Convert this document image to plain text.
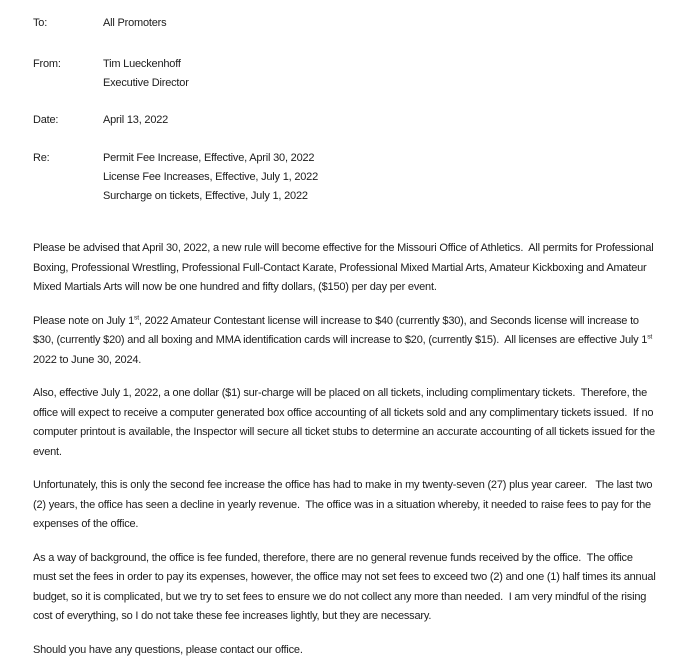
To:	All Promoters
From:	Tim Lueckenhoff
Executive Director
Date:	April 13, 2022
Re:	Permit Fee Increase, Effective, April 30, 2022
License Fee Increases, Effective, July 1, 2022
Surcharge on tickets, Effective, July 1, 2022

Please be advised that April 30, 2022, a new rule will become effective for the Missouri Office of Athletics.  All permits for Professional Boxing, Professional Wrestling, Professional Full-Contact Karate, Professional Mixed Martial Arts, Amateur Kickboxing and Amateur Mixed Martials Arts will now be one hundred and fifty dollars, ($150) per day per event.

Please note on July 1st, 2022 Amateur Contestant license will increase to $40 (currently $30), and Seconds license will increase to $30, (currently $20) and all boxing and MMA identification cards will increase to $20, (currently $15).  All licenses are effective July 1st 2022 to June 30, 2024.

Also, effective July 1, 2022, a one dollar ($1) sur-charge will be placed on all tickets, including complimentary tickets.  Therefore, the office will expect to receive a computer generated box office accounting of all tickets sold and any complimentary tickets issued.  If no computer printout is available, the Inspector will secure all ticket stubs to determine an accurate accounting of all tickets issued for the event.

Unfortunately, this is only the second fee increase the office has had to make in my twenty-seven (27) plus year career.   The last two (2) years, the office has seen a decline in yearly revenue.  The office was in a situation whereby, it needed to raise fees to pay for the expenses of the office.

As a way of background, the office is fee funded, therefore, there are no general revenue funds received by the office.  The office must set the fees in order to pay its expenses, however, the office may not set fees to exceed two (2) and one (1) half times its annual budget, so it is complicated, but we try to set fees to ensure we do not collect any more than needed.  I am very mindful of the rising cost of everything, so I do not take these fee increases lightly, but they are necessary.

Should you have any questions, please contact our office.
